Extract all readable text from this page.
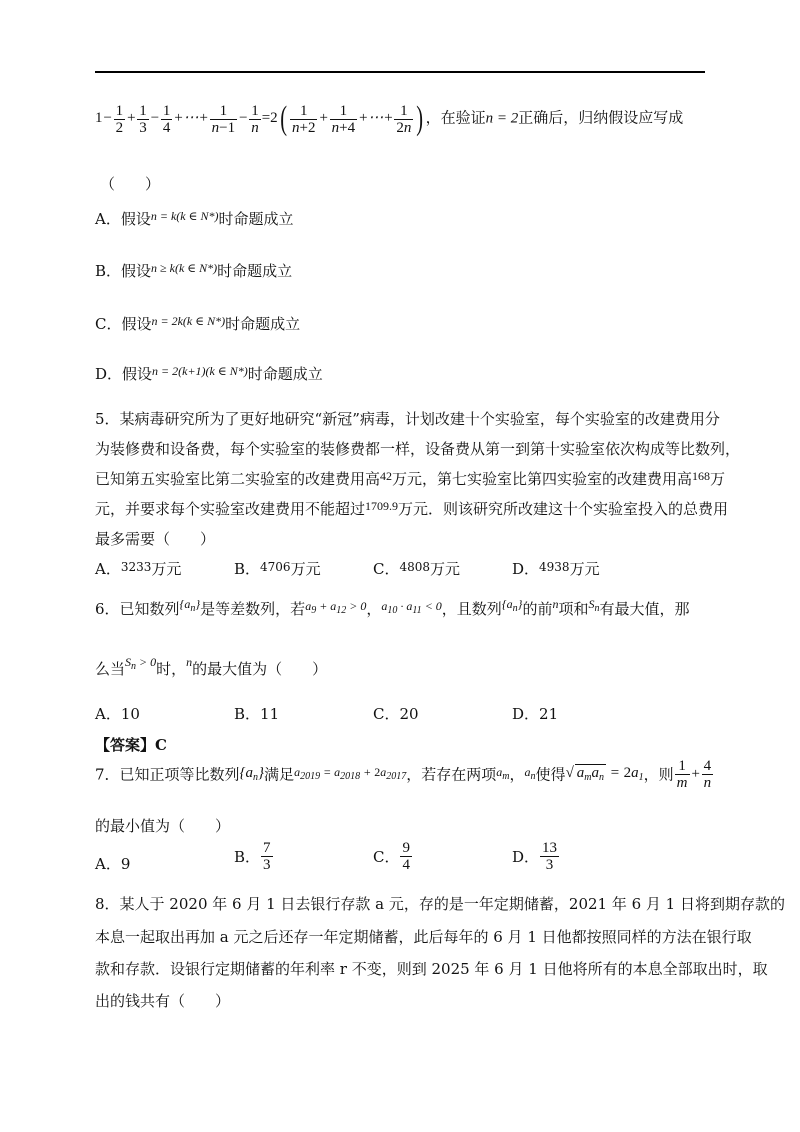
$1- \frac{1}{2} + \frac{1}{3} - \frac{1}{4}$ +⋯+ $\frac{1}{n-1} - \frac{1}{n} =2( \frac{1}{n+2} + \frac{1}{n+4}$ +⋯+ $\frac{1}{2n}$ ) ，在验证n = 2正确后，归纳假设应写成
（　　）
A．假设$^{n = k(k \in N*)}$时命题成立
B．假设$^{n \ge k(k \in N*)}$时命题成立
C．假设$^{n = 2k(k \in N*)}$时命题成立
D．假设$^{n = 2(k+1)(k \in N*)}$时命题成立
5．某病毒研究所为了更好地研究“新冠”病毒，计划改建十个实验室，每个实验室的改建费用分
为装修费和设备费，每个实验室的装修费都一样，设备费从第一到第十实验室依次构成等比数列，
已知第五实验室比第二实验室的改建费用高$^{42}$万元，第七实验室比第四实验室的改建费用高$^{168}$万
元，并要求每个实验室改建费用不能超过$^{1709.9}$万元．则该研究所改建这十个实验室投入的总费用
最多需要（　　）
A．$^{3233}$万元	B．$^{4706}$万元	C．$^{4808}$万元	D．$^{4938}$万元
6．已知数列$^{\{a_n\}}$是等差数列，若$^{a_9 + a_{12} > 0}$，$^{a_{10} \cdot a_{11} < 0}$，且数列$^{\{a_n\}}$的前$^n$项和$^{S_n}$有最大值，那
么当$^{S_n > 0}$时，$^n$的最大值为（　　）
A．10	B．11	C．20	D．21
【答案】C
7．已知正项等比数列$\{a_n\}$满足$a_{2019} = a_{2018} + 2a_{2017}$，若存在两项$a_m$，$a_n$使得√ $a_ma_n = 2a_1$，则 $\frac{1}{m} + \frac{4}{n}$
的最小值为（　　）
A．9	B． $\frac{7}{3}$	C． $\frac{9}{4}$	D． $\frac{13}{3}$
8．某人于 2020 年 6 月 1 日去银行存款 a 元，存的是一年定期储蓄，2021 年 6 月 1 日将到期存款的
本息一起取出再加 a 元之后还存一年定期储蓄，此后每年的 6 月 1 日他都按照同样的方法在银行取
款和存款．设银行定期储蓄的年利率 r 不变，则到 2025 年 6 月 1 日他将所有的本息全部取出时，取
出的钱共有（　　）
